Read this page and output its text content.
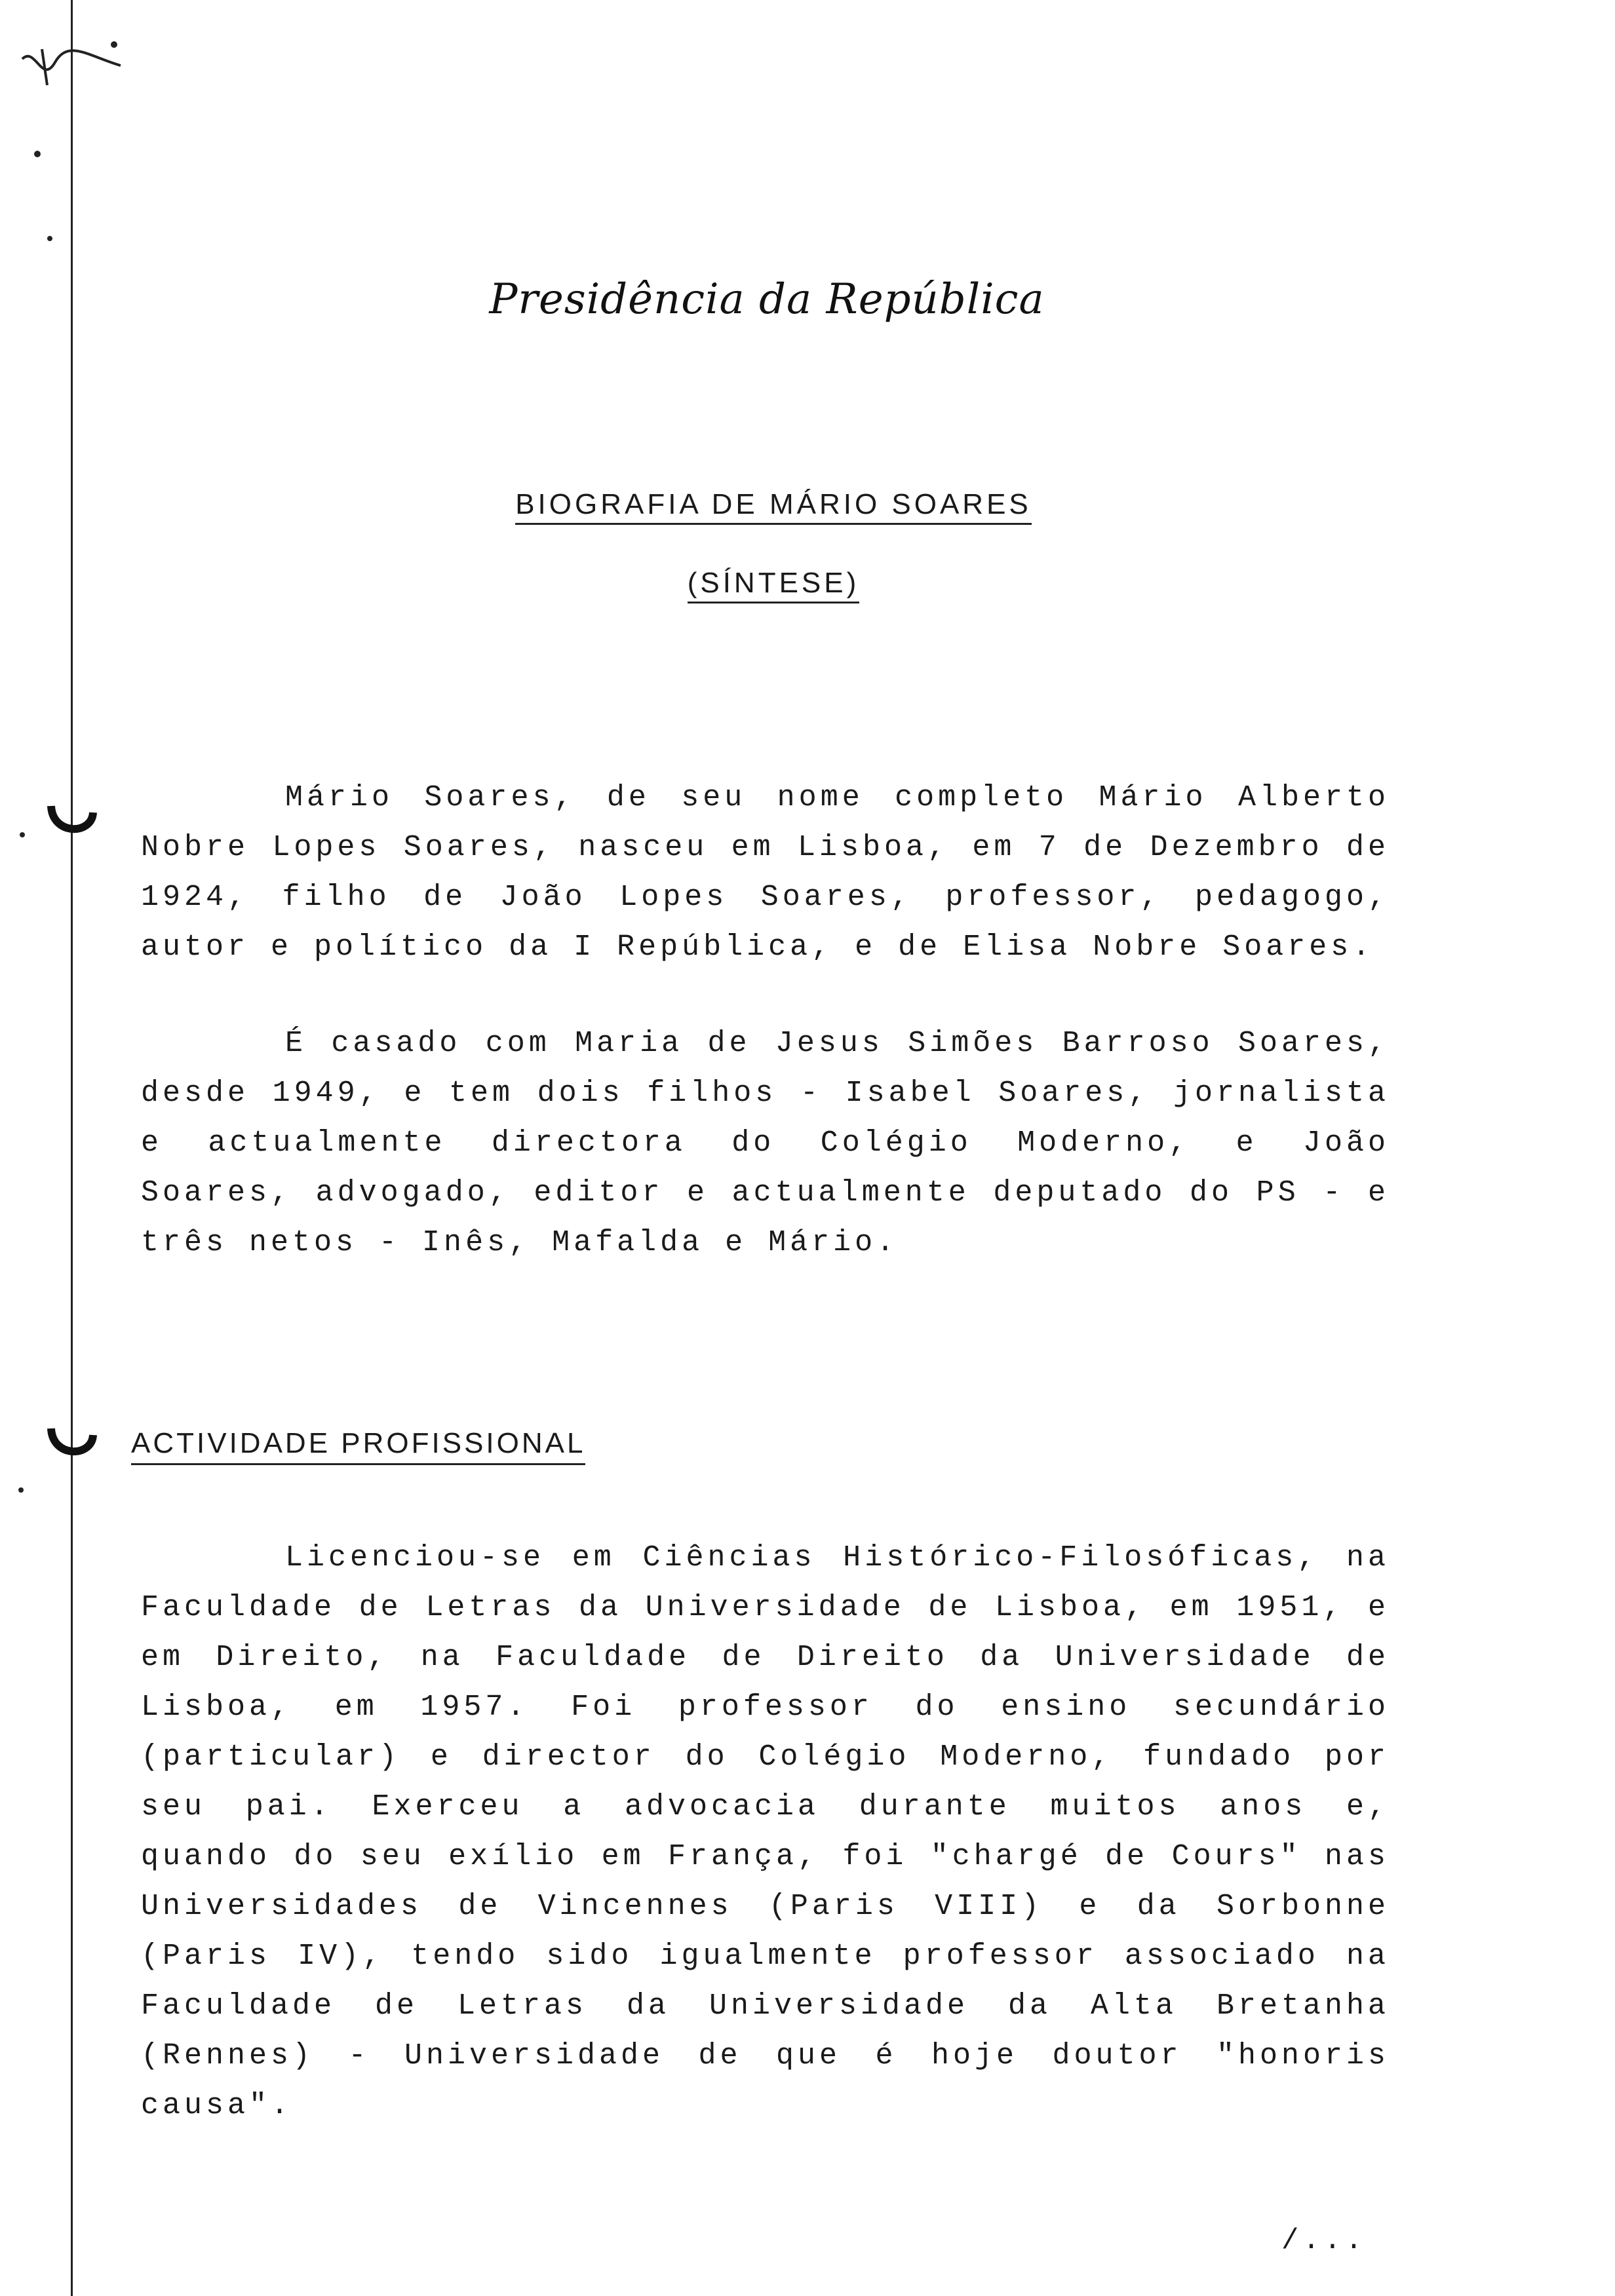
Presidência da República
BIOGRAFIA DE MÁRIO SOARES
(SÍNTESE)

Mário Soares, de seu nome completo Mário Alberto Nobre Lopes Soares, nasceu em Lisboa, em 7 de Dezembro de 1924, filho de João Lopes Soares, professor, pedagogo, autor e político da I República, e de Elisa Nobre Soares.

É casado com Maria de Jesus Simões Barroso Soares, desde 1949, e tem dois filhos - Isabel Soares, jornalista e actualmente directora do Colégio Moderno, e João Soares, advogado, editor e actualmente deputado do PS - e três netos - Inês, Mafalda e Mário.

ACTIVIDADE PROFISSIONAL

Licenciou-se em Ciências Histórico-Filosóficas, na Faculdade de Letras da Universidade de Lisboa, em 1951, e em Direito, na Faculdade de Direito da Universidade de Lisboa, em 1957. Foi professor do ensino secundário (particular) e director do Colégio Moderno, fundado por seu pai. Exerceu a advocacia durante muitos anos e, quando do seu exílio em França, foi "chargé de Cours" nas Universidades de Vincennes (Paris VIII) e da Sorbonne (Paris IV), tendo sido igualmente professor associado na Faculdade de Letras da Universidade da Alta Bretanha (Rennes) - Universidade de que é hoje doutor "honoris causa".

/...
